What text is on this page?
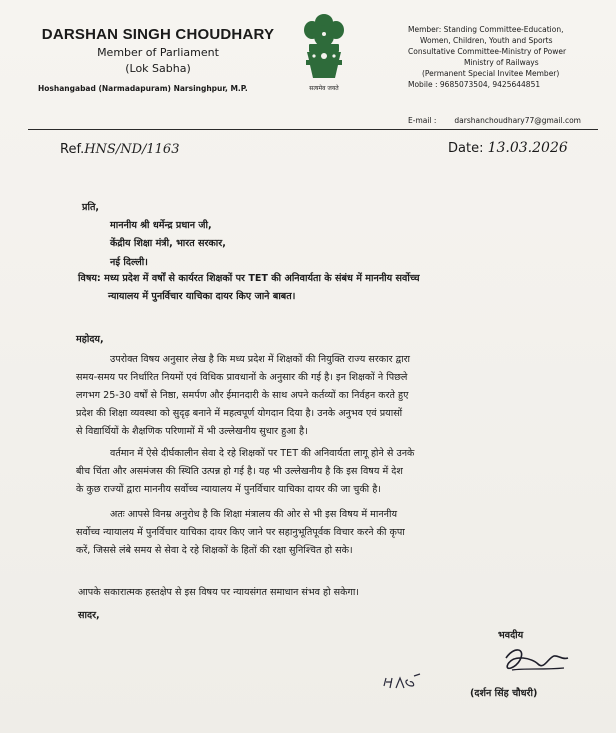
DARSHAN SINGH CHOUDHARY
Member of Parliament
(Lok Sabha)
Hoshangabad (Narmadapuram) Narsinghpur, M.P.	सत्यमेव जयते
Member: Standing Committee-Education,
Women, Children, Youth and Sports
Consultative Committee-Ministry of Power
Ministry of Railways
(Permanent Special Invitee Member)
Mobile : 9685073504, 9425644851
E-mail : darshanchoudhary77@gmail.com
Ref.HNS/ND/1163	Date: 13.03.2026
प्रति,
माननीय श्री धर्मेन्द्र प्रधान जी,
केंद्रीय शिक्षा मंत्री, भारत सरकार,
नई दिल्ली।
विषय: मध्य प्रदेश में वर्षों से कार्यरत शिक्षकों पर TET की अनिवार्यता के संबंध में माननीय सर्वोच्च
न्यायालय में पुनर्विचार याचिका दायर किए जाने बाबत।
महोदय,
उपरोक्त विषय अनुसार लेख है कि मध्य प्रदेश में शिक्षकों की नियुक्ति राज्य सरकार द्वारा
समय-समय पर निर्धारित नियमों एवं विधिक प्रावधानों के अनुसार की गई है। इन शिक्षकों ने पिछले
लगभग 25-30 वर्षों से निष्ठा, समर्पण और ईमानदारी के साथ अपने कर्तव्यों का निर्वहन करते हुए
प्रदेश की शिक्षा व्यवस्था को सुदृढ़ बनाने में महत्वपूर्ण योगदान दिया है। उनके अनुभव एवं प्रयासों
से विद्यार्थियों के शैक्षणिक परिणामों में भी उल्लेखनीय सुधार हुआ है।
वर्तमान में ऐसे दीर्घकालीन सेवा दे रहे शिक्षकों पर TET की अनिवार्यता लागू होने से उनके
बीच चिंता और असमंजस की स्थिति उत्पन्न हो गई है। यह भी उल्लेखनीय है कि इस विषय में देश
के कुछ राज्यों द्वारा माननीय सर्वोच्च न्यायालय में पुनर्विचार याचिका दायर की जा चुकी है।
अतः आपसे विनम्र अनुरोध है कि शिक्षा मंत्रालय की ओर से भी इस विषय में माननीय
सर्वोच्च न्यायालय में पुनर्विचार याचिका दायर किए जाने पर सहानुभूतिपूर्वक विचार करने की कृपा
करें, जिससे लंबे समय से सेवा दे रहे शिक्षकों के हितों की रक्षा सुनिश्चित हो सके।
आपके सकारात्मक हस्तक्षेप से इस विषय पर न्यायसंगत समाधान संभव हो सकेगा।
सादर,
भवदीय
(दर्शन सिंह चौधरी)
